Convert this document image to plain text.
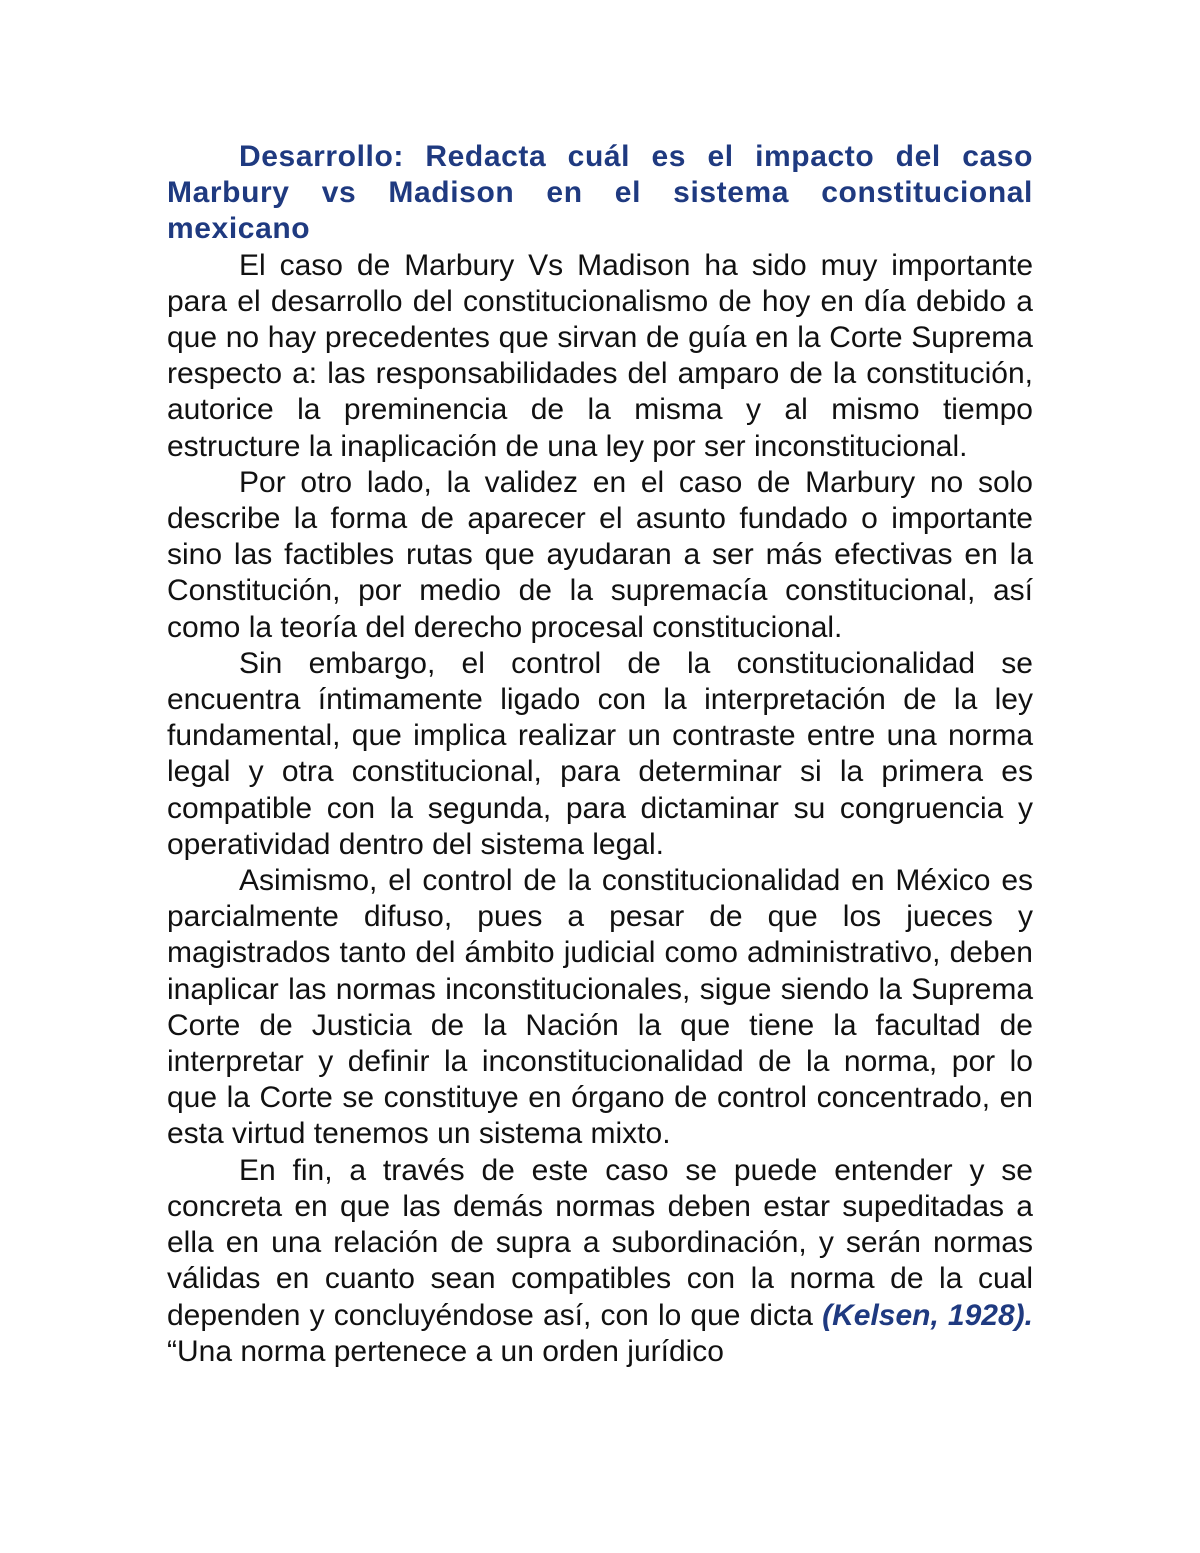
Desarrollo: Redacta cuál es el impacto del caso Marbury vs Madison en el sistema constitucional mexicano

El caso de Marbury Vs Madison ha sido muy importante para el desarrollo del constitucionalismo de hoy en día debido a que no hay precedentes que sirvan de guía en la Corte Suprema respecto a: las responsabilidades del amparo de la constitución, autorice la preminencia de la misma y al mismo tiempo estructure la inaplicación de una ley por ser inconstitucional.

Por otro lado, la validez en el caso de Marbury no solo describe la forma de aparecer el asunto fundado o importante sino las factibles rutas que ayudaran a ser más efectivas en la Constitución, por medio de la supremacía constitucional, así como la teoría del derecho procesal constitucional.

Sin embargo, el control de la constitucionalidad se encuentra íntimamente ligado con la interpretación de la ley fundamental, que implica realizar un contraste entre una norma legal y otra constitucional, para determinar si la primera es compatible con la segunda, para dictaminar su congruencia y operatividad dentro del sistema legal.

Asimismo, el control de la constitucionalidad en México es parcialmente difuso, pues a pesar de que los jueces y magistrados tanto del ámbito judicial como administrativo, deben inaplicar las normas inconstitucionales, sigue siendo la Suprema Corte de Justicia de la Nación la que tiene la facultad de interpretar y definir la inconstitucionalidad de la norma, por lo que la Corte se constituye en órgano de control concentrado, en esta virtud tenemos un sistema mixto.

En fin, a través de este caso se puede entender y se concreta en que las demás normas deben estar supeditadas a ella en una relación de supra a subordinación, y serán normas válidas en cuanto sean compatibles con la norma de la cual dependen y concluyéndose así, con lo que dicta (Kelsen, 1928). “Una norma pertenece a un orden jurídico
